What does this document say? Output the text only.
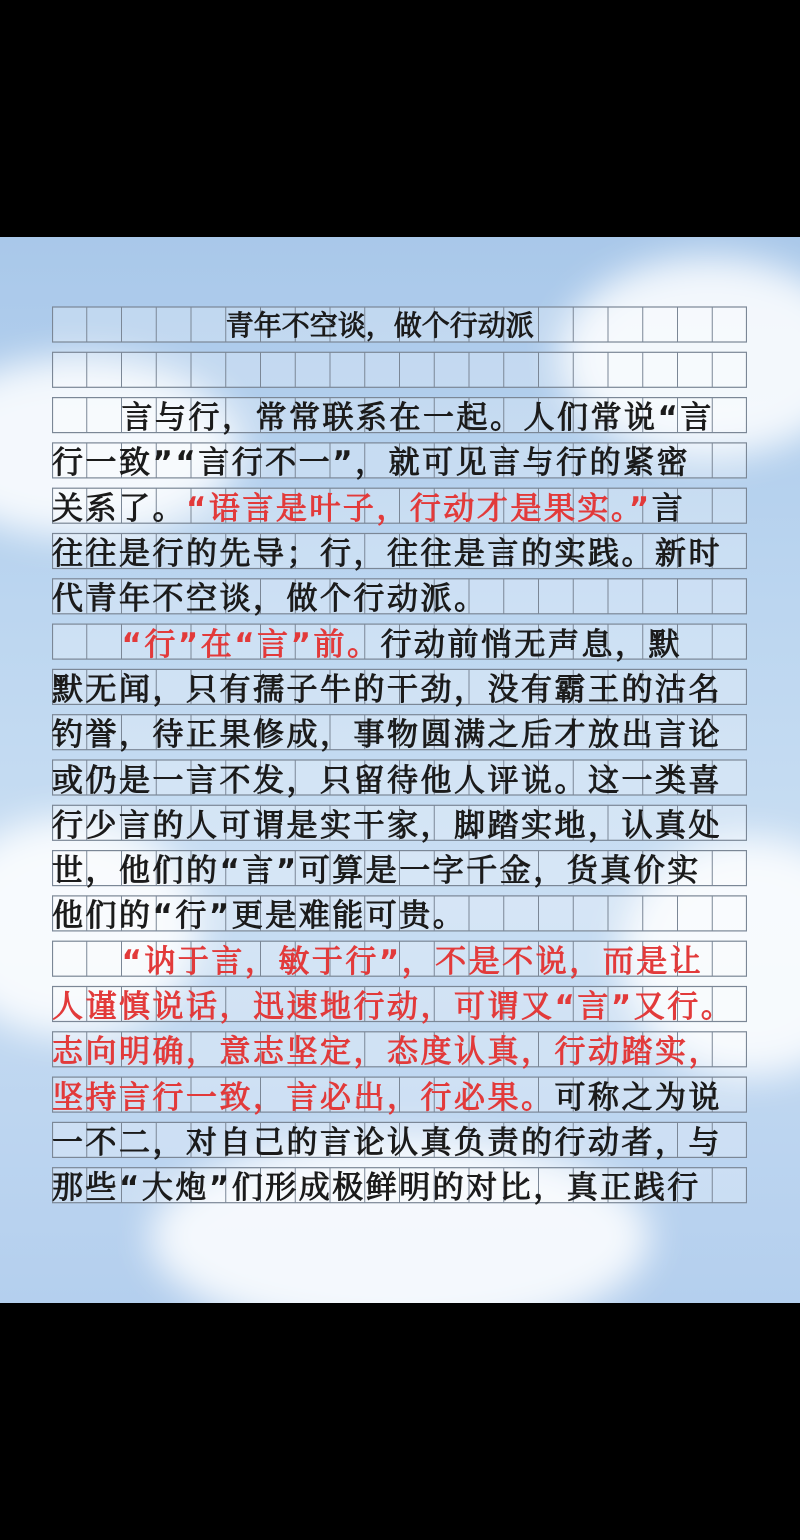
青年不空谈，做个行动派
言与行，常常联系在一起。人们常说“言
行一致”“言行不一”，就可见言与行的紧密
关系了。 “语言是叶子，行动才是果实。” 言
往往是行的先导；行，往往是言的实践。新时
代青年不空谈，做个行动派。
“行”在“言”前。 行动前悄无声息，默
默无闻，只有孺子牛的干劲，没有霸王的沽名
钓誉，待正果修成，事物圆满之后才放出言论
或仍是一言不发，只留待他人评说。这一类喜
行少言的人可谓是实干家，脚踏实地，认真处
世，他们的“言”可算是一字千金，货真价实
他们的“行”更是难能可贵。
“讷于言，敏于行”，不是不说，而是让
人谨慎说话，迅速地行动，可谓又“言”又行。
志向明确，意志坚定，态度认真，行动踏实，
坚持言行一致，言必出，行必果。 可称之为说
一不二，对自己的言论认真负责的行动者，与
那些“大炮”们形成极鲜明的对比，真正践行
